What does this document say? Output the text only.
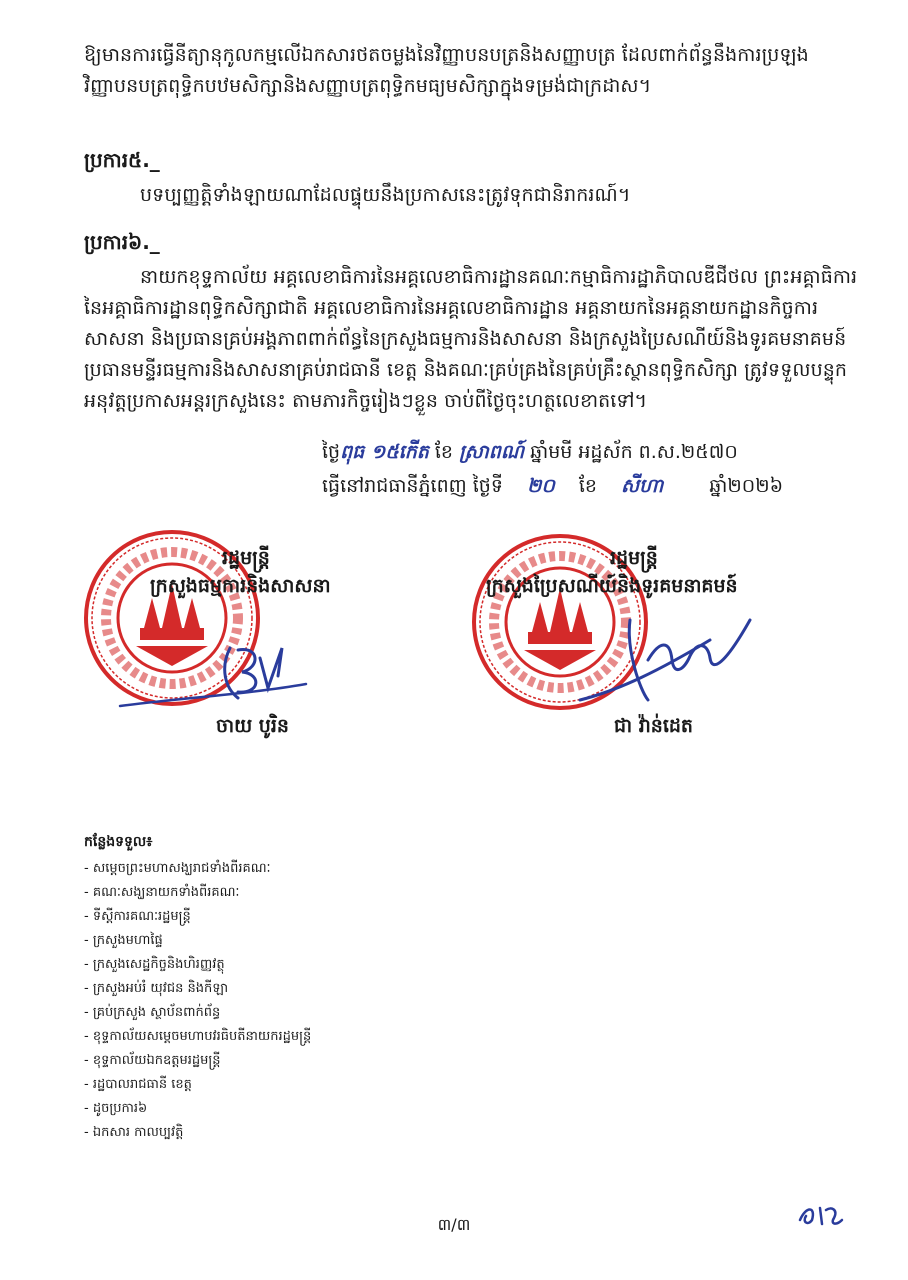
ឱ្យមានការធ្វើនីត្យានុកូលកម្មលើឯកសារថតចម្លងនៃវិញ្ញាបនបត្រនិងសញ្ញាបត្រ ដែលពាក់ព័ន្ធនឹងការប្រឡងវិញ្ញាបនបត្រពុទ្ធិកបឋមសិក្សានិងសញ្ញាបត្រពុទ្ធិកមធ្យមសិក្សាក្នុងទម្រង់ជាក្រដាស។
ប្រការ៥._
បទប្បញ្ញត្តិទាំងឡាយណាដែលផ្ទុយនឹងប្រកាសនេះត្រូវទុកជានិរាករណ៍។
ប្រការ៦._
នាយកខុទ្ទកាល័យ អគ្គលេខាធិការនៃអគ្គលេខាធិការដ្ឋានគណៈកម្មាធិការដ្ឋាភិបាលឌីជីថល ព្រះអគ្គាធិការនៃអគ្គាធិការដ្ឋានពុទ្ធិកសិក្សាជាតិ អគ្គលេខាធិការនៃអគ្គលេខាធិការដ្ឋាន អគ្គនាយកនៃអគ្គនាយកដ្ឋានកិច្ចការសាសនា និងប្រធានគ្រប់អង្គភាពពាក់ព័ន្ធនៃក្រសួងធម្មការនិងសាសនា និងក្រសួងប្រៃសណីយ៍និងទូរគមនាគមន៍ ប្រធានមន្ទីរធម្មការនិងសាសនាគ្រប់រាជធានី ខេត្ត និងគណៈគ្រប់គ្រងនៃគ្រប់គ្រឹះស្ថានពុទ្ធិកសិក្សា ត្រូវទទួលបន្ទុកអនុវត្តប្រកាសអន្តរក្រសួងនេះ តាមភារកិច្ចរៀងៗខ្លួន ចាប់ពីថ្ងៃចុះហត្ថលេខាតទៅ។
ថ្ងៃពុធ ១៥កើត ខែ ស្រាពណ៍ ឆ្នាំមមី អដ្ឋស័ក ព.ស.២៥៧០
ធ្វើនៅរាជធានីភ្នំពេញ ថ្ងៃទី ២០ ខែ សីហា ឆ្នាំ២០២៦
រដ្ឋមន្ត្រី
ក្រសួងធម្មការនិងសាសនា
ចាយ បូរិន
រដ្ឋមន្ត្រី
ក្រសួងប្រៃសណីយ៍និងទូរគមនាគមន៍
ជា វ៉ាន់ដេត
កន្លែងទទួល៖
- សម្ដេចព្រះមហាសង្ឃរាជទាំងពីរគណៈ
- គណៈសង្ឃនាយកទាំងពីរគណៈ
- ទីស្ដីការគណៈរដ្ឋមន្ត្រី
- ក្រសួងមហាផ្ទៃ
- ក្រសួងសេដ្ឋកិច្ចនិងហិរញ្ញវត្ថុ
- ក្រសួងអប់រំ យុវជន និងកីឡា
- គ្រប់ក្រសួង ស្ថាប័នពាក់ព័ន្ធ
- ខុទ្ទកាល័យសម្ដេចមហាបវរធិបតីនាយករដ្ឋមន្ត្រី
- ខុទ្ទកាល័យឯកឧត្តមរដ្ឋមន្ត្រី
- រដ្ឋបាលរាជធានី ខេត្ត
- ដូចប្រការ៦
- ឯកសារ កាលប្បវត្តិ
៣/៣
